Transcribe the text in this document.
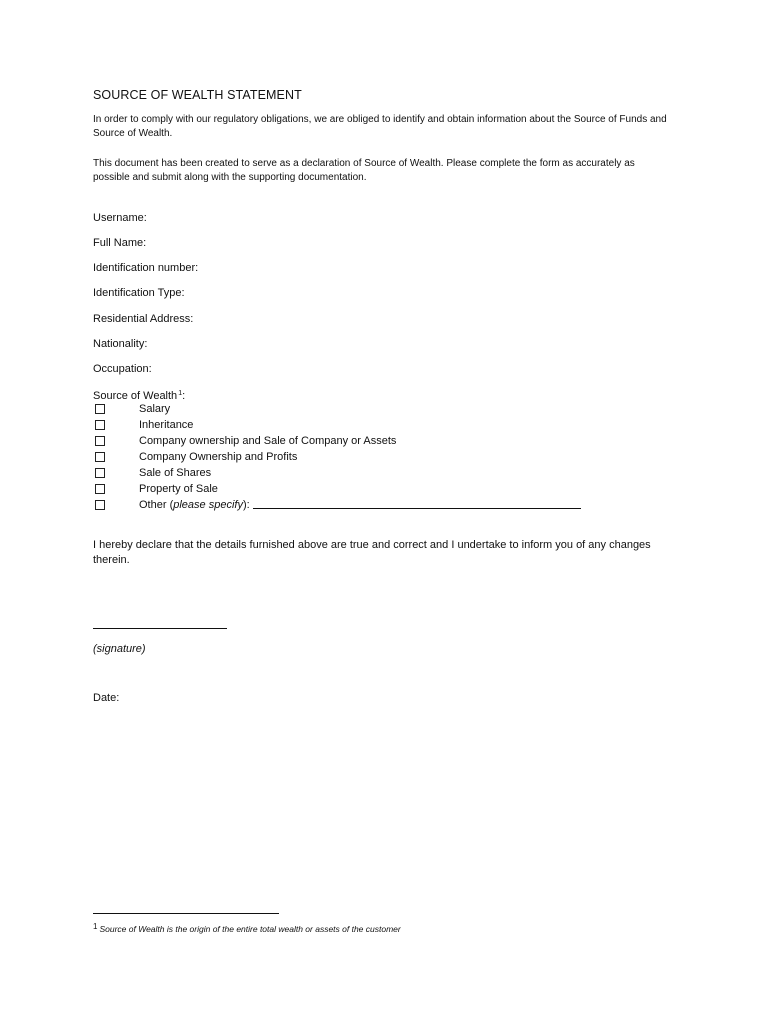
SOURCE OF WEALTH STATEMENT
In order to comply with our regulatory obligations, we are obliged to identify and obtain information about the Source of Funds and Source of Wealth.
This document has been created to serve as a declaration of Source of Wealth. Please complete the form as accurately as possible and submit along with the supporting documentation.
Username:
Full Name:
Identification number:
Identification Type:
Residential Address:
Nationality:
Occupation:
Source of Wealth$^1$:
Salary
Inheritance
Company ownership and Sale of Company or Assets
Company Ownership and Profits
Sale of Shares
Property of Sale
Other (please specify):
I hereby declare that the details furnished above are true and correct and I undertake to inform you of any changes therein.
(signature)
Date:
$^1$ Source of Wealth is the origin of the entire total wealth or assets of the customer
